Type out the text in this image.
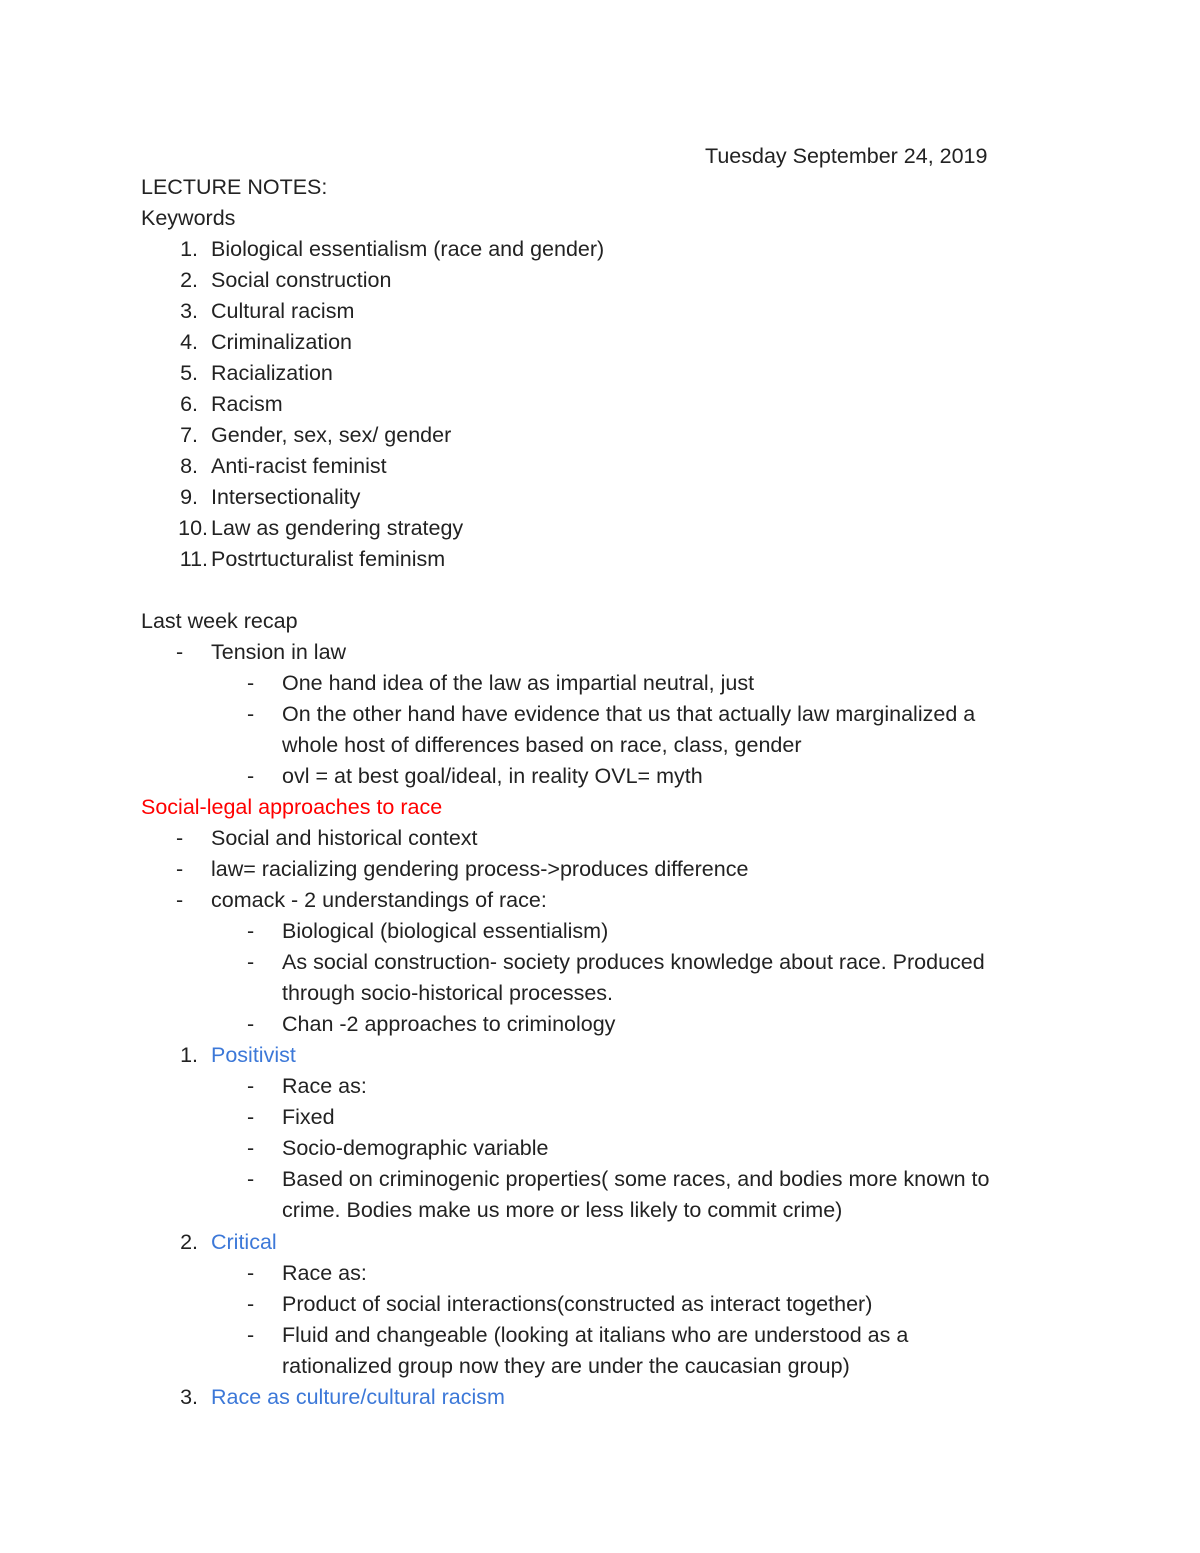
Tuesday September 24, 2019
LECTURE NOTES:
Keywords
1. Biological essentialism (race and gender)
2. Social construction
3. Cultural racism
4. Criminalization
5. Racialization
6. Racism
7. Gender, sex, sex/ gender
8. Anti-racist feminist
9. Intersectionality
10. Law as gendering strategy
11. Postrtucturalist feminism
Last week recap
- Tension in law
- One hand idea of the law as impartial neutral, just
- On the other hand have evidence that us that actually law marginalized a
whole host of differences based on race, class, gender
- ovl = at best goal/ideal, in reality OVL= myth
Social-legal approaches to race
- Social and historical context
- law= racializing gendering process->produces difference
- comack - 2 understandings of race:
- Biological (biological essentialism)
- As social construction- society produces knowledge about race. Produced
through socio-historical processes.
- Chan -2 approaches to criminology
1. Positivist
- Race as:
- Fixed
- Socio-demographic variable
- Based on criminogenic properties( some races, and bodies more known to
crime. Bodies make us more or less likely to commit crime)
2. Critical
- Race as:
- Product of social interactions(constructed as interact together)
- Fluid and changeable (looking at italians who are understood as a
rationalized group now they are under the caucasian group)
3. Race as culture/cultural racism
